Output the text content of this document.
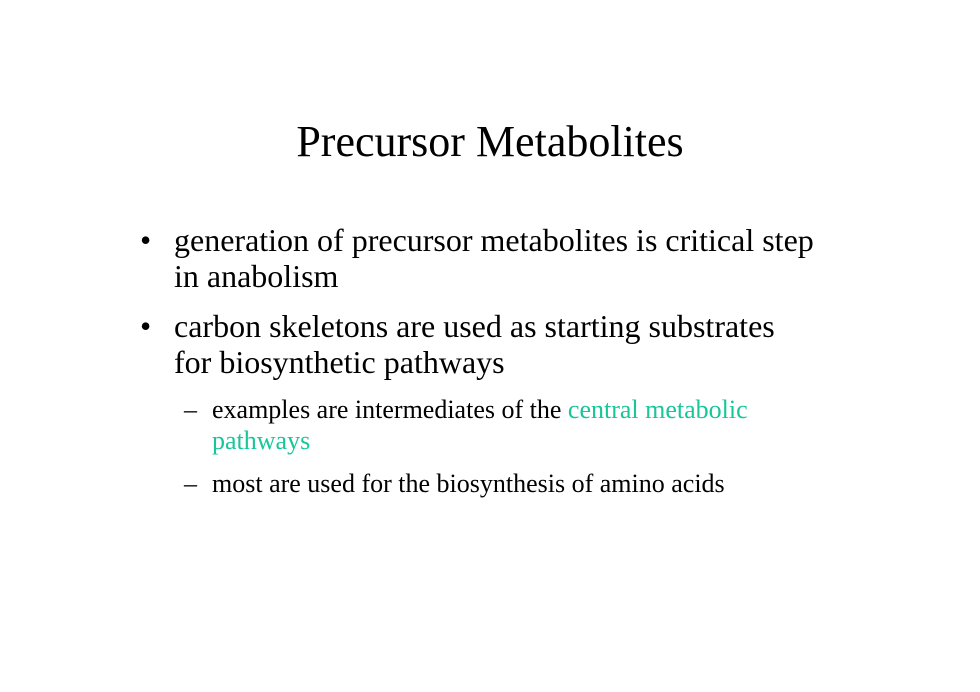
Precursor Metabolites
• generation of precursor metabolites is critical step in anabolism
• carbon skeletons are used as starting substrates for biosynthetic pathways
– examples are intermediates of the central metabolic pathways
– most are used for the biosynthesis of amino acids
